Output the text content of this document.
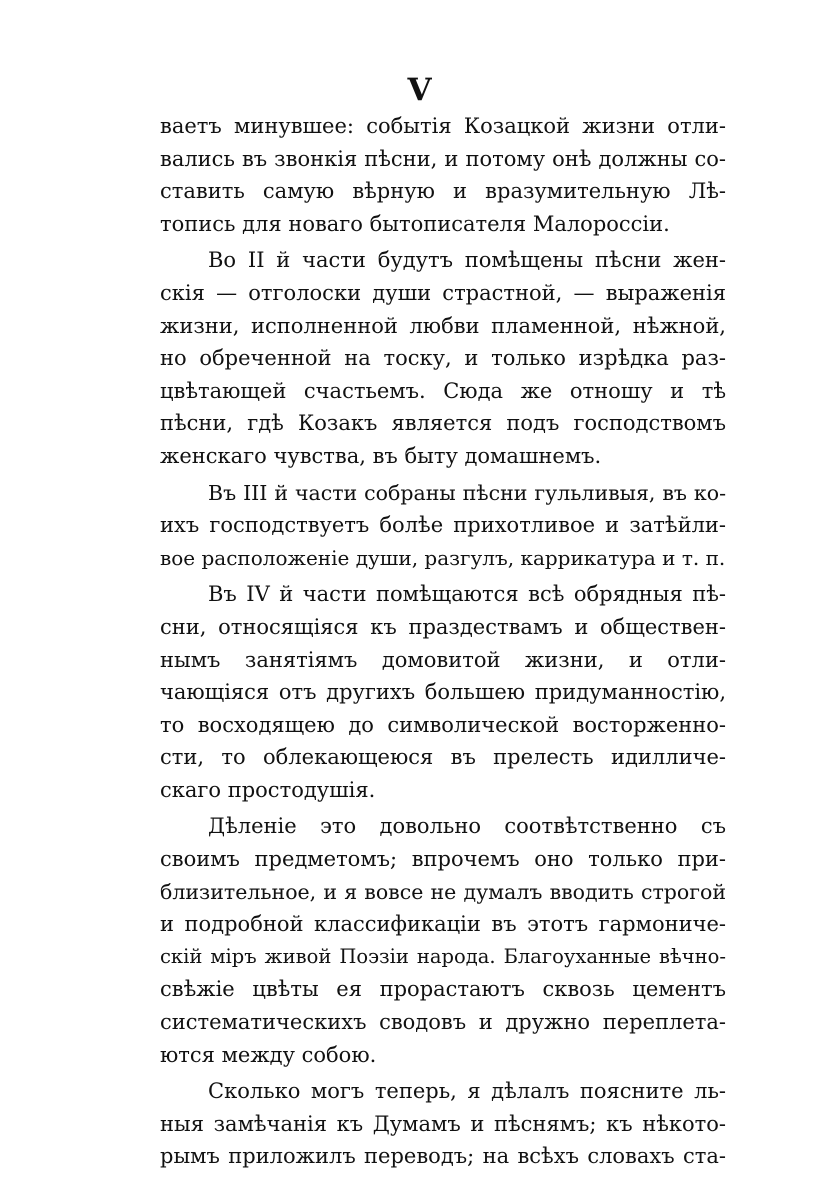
V
ваетъ минувшее: событія Козацкой жизни отли-
вались въ звонкія пѣсни, и потому онѣ должны со-
ставить самую вѣрную и вразумительную Лѣ-
топись для новаго бытописателя Малороссіи.
Во II й части будутъ помѣщены пѣсни жен-
скія — отголоски души страстной, — выраженія
жизни, исполненной любви пламенной, нѣжной,
но обреченной на тоску, и только изрѣдка раз-
цвѣтающей счастьемъ. Сюда же отношу и тѣ
пѣсни, гдѣ Козакъ является подъ господствомъ
женскаго чувства, въ быту домашнемъ.
Въ III й части собраны пѣсни гульливыя, въ ко-
ихъ господствуетъ болѣе прихотливое и затѣйли-
вое расположеніе души, разгулъ, каррикатура и т. п.
Въ IV й части помѣщаются всѣ обрядныя пѣ-
сни, относящіяся къ праздествамъ и обществен-
нымъ занятіямъ домовитой жизни, и отли-
чающіяся отъ другихъ большею придуманностію,
то восходящею до символической восторженно-
сти, то облекающеюся въ прелесть идилличе-
скаго простодушія.
Дѣленіе это довольно соотвѣтственно съ
своимъ предметомъ; впрочемъ оно только при-
близительное, и я вовсе не думалъ вводить строгой
и подробной классификаціи въ этотъ гармониче-
скій міръ живой Поэзіи народа. Благоуханные вѣчно-
свѣжіе цвѣты ея прорастаютъ сквозь цементъ
систематическихъ сводовъ и дружно переплета-
ются между собою.
Сколько могъ теперь, я дѣлалъ поясните ль-
ныя замѣчанія къ Думамъ и пѣснямъ; къ нѣкото-
рымъ приложилъ переводъ; на всѣхъ словахъ ста-
